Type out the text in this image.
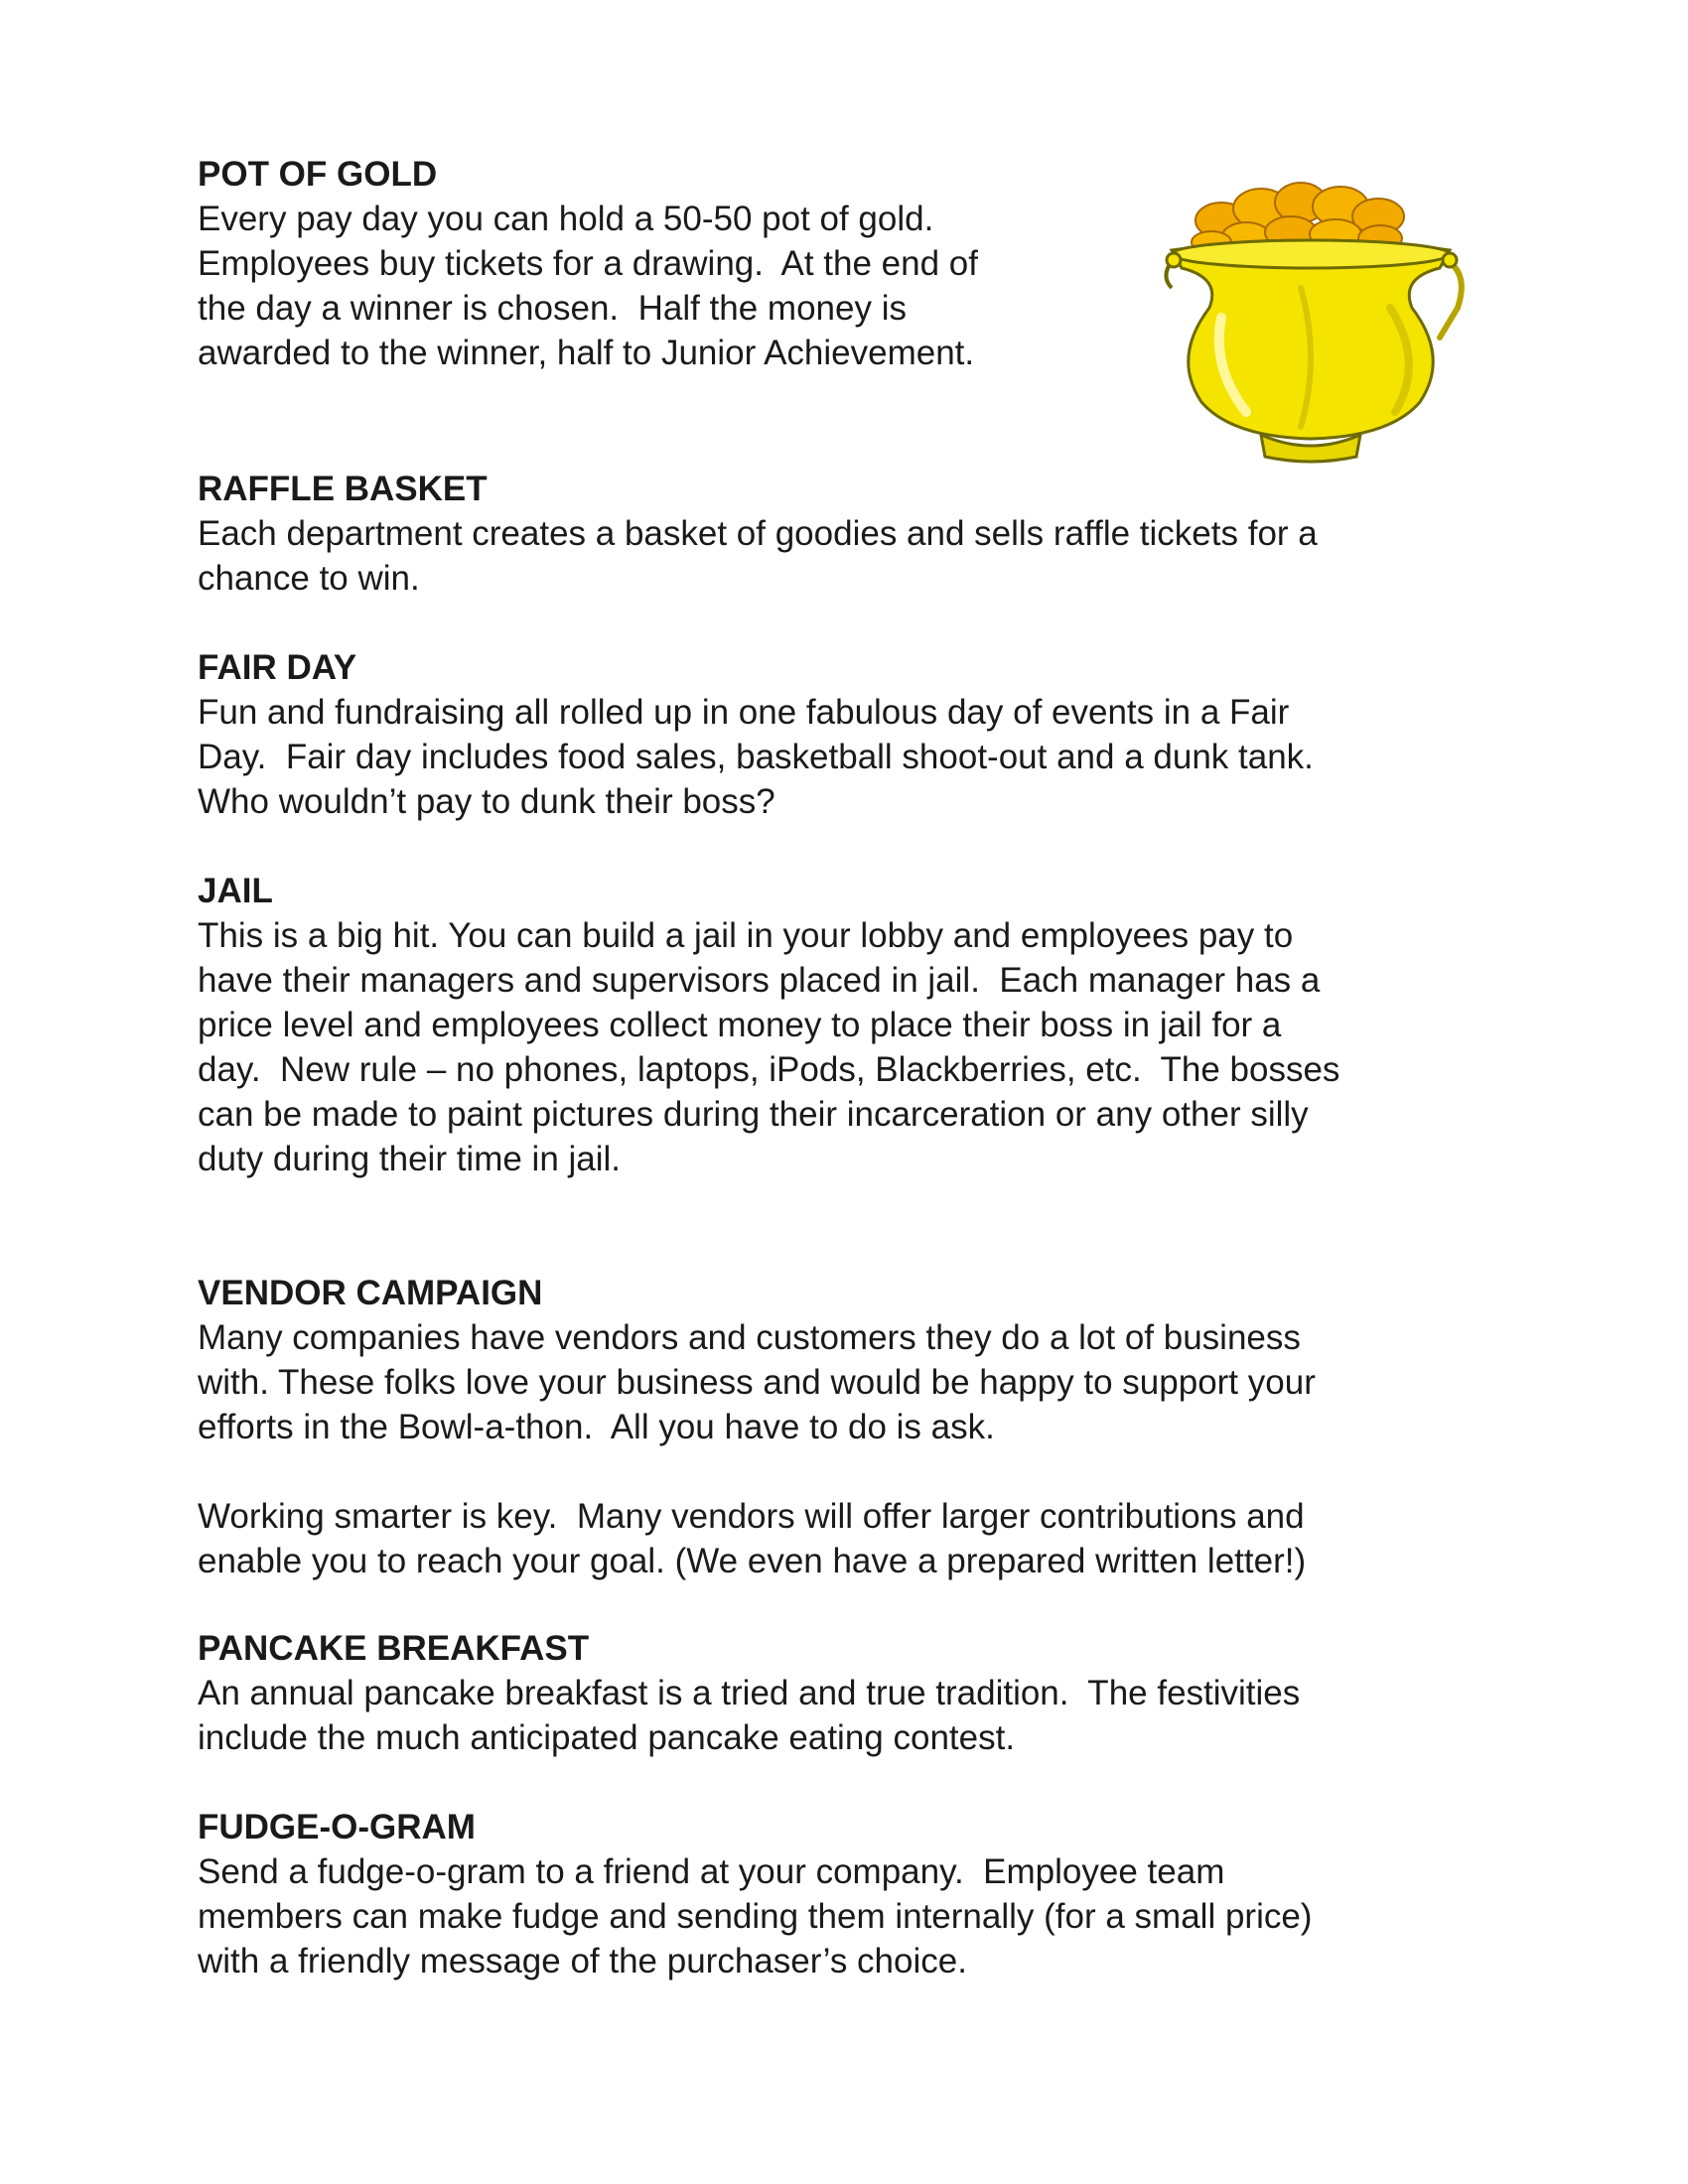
POT OF GOLD

Every pay day you can hold a 50-50 pot of gold.

Employees buy tickets for a drawing.  At the end of

the day a winner is chosen.  Half the money is

awarded to the winner, half to Junior Achievement.

RAFFLE BASKET

Each department creates a basket of goodies and sells raffle tickets for a

chance to win.

FAIR DAY

Fun and fundraising all rolled up in one fabulous day of events in a Fair

Day.  Fair day includes food sales, basketball shoot-out and a dunk tank.

Who wouldn’t pay to dunk their boss?

JAIL

This is a big hit. You can build a jail in your lobby and employees pay to

have their managers and supervisors placed in jail.  Each manager has a

price level and employees collect money to place their boss in jail for a

day.  New rule – no phones, laptops, iPods, Blackberries, etc.  The bosses

can be made to paint pictures during their incarceration or any other silly

duty during their time in jail.

VENDOR CAMPAIGN

Many companies have vendors and customers they do a lot of business

with. These folks love your business and would be happy to support your

efforts in the Bowl-a-thon.  All you have to do is ask.

Working smarter is key.  Many vendors will offer larger contributions and

enable you to reach your goal. (We even have a prepared written letter!)

PANCAKE BREAKFAST

An annual pancake breakfast is a tried and true tradition.  The festivities

include the much anticipated pancake eating contest.

FUDGE-O-GRAM

Send a fudge-o-gram to a friend at your company.  Employee team

members can make fudge and sending them internally (for a small price)

with a friendly message of the purchaser’s choice.
